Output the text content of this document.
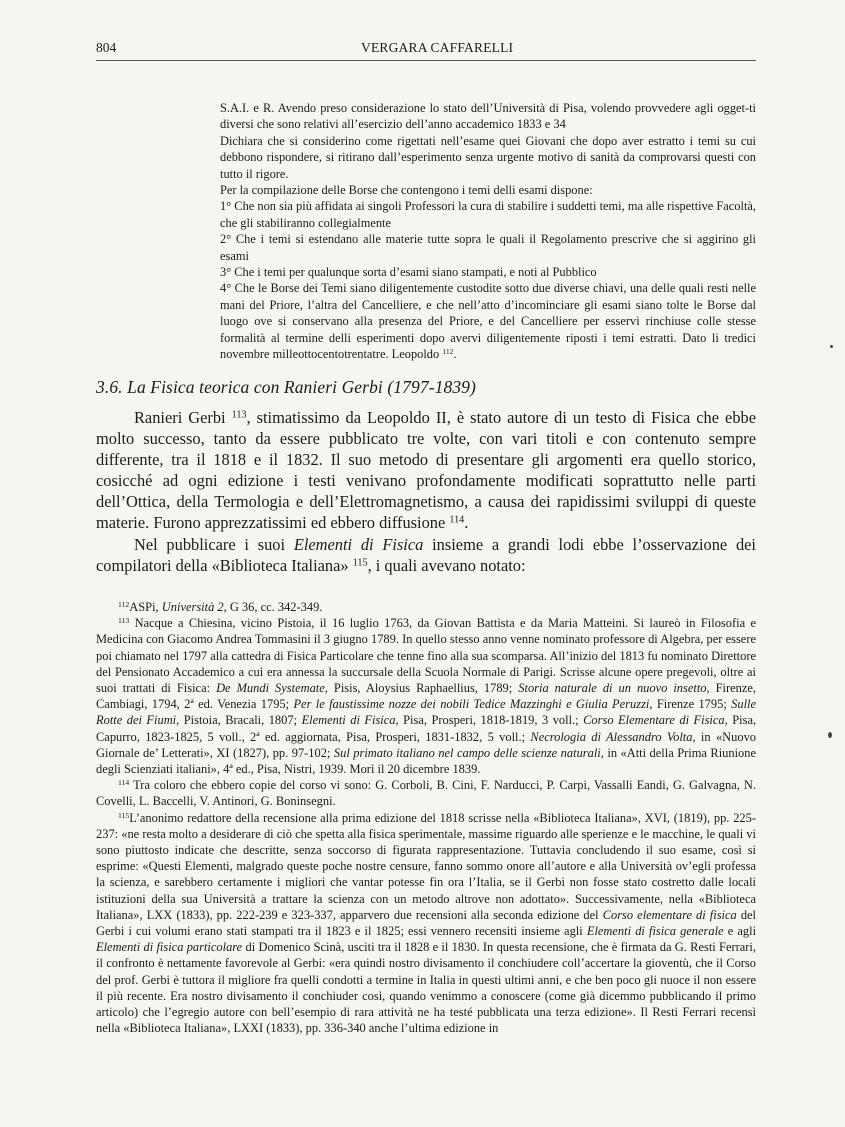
804	VERGARA CAFFARELLI

S.A.I. e R. Avendo preso considerazione lo stato dell’Università di Pisa, volendo provvedere agli ogget-ti diversi che sono relativi all’esercizio dell’anno accademico 1833 e 34

Dichiara che si considerino come rigettati nell’esame quei Giovani che dopo aver estratto i temi su cui debbono rispondere, si ritirano dall’esperimento senza urgente motivo di sanità da comprovarsi questi con tutto il rigore.

Per la compilazione delle Borse che contengono i temi delli esami dispone:

1° Che non sia più affidata ai singoli Professori la cura di stabilire i suddetti temi, ma alle rispettive Facoltà, che gli stabiliranno collegialmente

2° Che i temi si estendano alle materie tutte sopra le quali il Regolamento prescrive che si aggirino gli esami

3° Che i temi per qualunque sorta d’esami siano stampati, e noti al Pubblico

4° Che le Borse dei Temi siano diligentemente custodite sotto due diverse chiavi, una delle quali resti nelle mani del Priore, l’altra del Cancelliere, e che nell’atto d’incominciare gli esami siano tolte le Borse dal luogo ove si conservano alla presenza del Priore, e del Cancelliere per esservi rinchiuse colle stesse formalità al termine delli esperimenti dopo avervi diligentemente riposti i temi estratti. Dato li tredici novembre milleottocentotrentatre. Leopoldo $^{112}$.

3.6. La Fisica teorica con Ranieri Gerbi (1797-1839)

Ranieri Gerbi $^{113}$, stimatissimo da Leopoldo II, è stato autore di un testo di Fisica che ebbe molto successo, tanto da essere pubblicato tre volte, con vari titoli e con contenuto sempre differente, tra il 1818 e il 1832. Il suo metodo di presentare gli argomenti era quello storico, cosicché ad ogni edizione i testi venivano profondamente modificati soprattutto nelle parti dell’Ottica, della Termologia e dell’Elettromagnetismo, a causa dei rapidissimi sviluppi di queste materie. Furono apprezzatissimi ed ebbero diffusione $^{114}$.

Nel pubblicare i suoi Elementi di Fisica insieme a grandi lodi ebbe l’osservazione dei compilatori della «Biblioteca Italiana» $^{115}$, i quali avevano notato:

$^{112}$ASPi, Università 2, G 36, cc. 342-349.

$^{113}$ Nacque a Chiesina, vicino Pistoia, il 16 luglio 1763, da Giovan Battista e da Maria Matteini. Si laureò in Filosofia e Medicina con Giacomo Andrea Tommasini il 3 giugno 1789. In quello stesso anno venne nominato professore di Algebra, per essere poi chiamato nel 1797 alla cattedra di Fisica Particolare che tenne fino alla sua scomparsa. All’inizio del 1813 fu nominato Direttore del Pensionato Accademico a cui era annessa la succursale della Scuola Normale di Parigi. Scrisse alcune opere pregevoli, oltre ai suoi trattati di Fisica: De Mundi Systemate, Pisis, Aloysius Raphaellius, 1789; Storia naturale di un nuovo insetto, Firenze, Cambiagi, 1794, 2ª ed. Venezia 1795; Per le faustissime nozze dei nobili Tedice Mazzinghi e Giulia Peruzzi, Firenze 1795; Sulle Rotte dei Fiumi, Pistoia, Bracali, 1807; Elementi di Fisica, Pisa, Prosperi, 1818-1819, 3 voll.; Corso Elementare di Fisica, Pisa, Capurro, 1823-1825, 5 voll., 2ª ed. aggiornata, Pisa, Prosperi, 1831-1832, 5 voll.; Necrologia di Alessandro Volta, in «Nuovo Giornale de’ Letterati», XI (1827), pp. 97-102; Sul primato italiano nel campo delle scienze naturali, in «Atti della Prima Riunione degli Scienziati italiani», 4ª ed., Pisa, Nistri, 1939. Morì il 20 dicembre 1839.

$^{114}$ Tra coloro che ebbero copie del corso vi sono: G. Corboli, B. Cini, F. Narducci, P. Carpi, Vassalli Eandi, G. Galvagna, N. Covelli, L. Baccelli, V. Antinori, G. Boninsegni.

$^{115}$L’anonimo redattore della recensione alla prima edizione del 1818 scrisse nella «Biblioteca Italiana», XVI, (1819), pp. 225-237: «ne resta molto a desiderare di ciò che spetta alla fisica sperimentale, massime riguardo alle sperienze e le macchine, le quali vi sono piuttosto indicate che descritte, senza soccorso di figurata rappresentazione. Tuttavia concludendo il suo esame, così si esprime: «Questi Elementi, malgrado queste poche nostre censure, fanno sommo onore all’autore e alla Università ov’egli professa la scienza, e sarebbero certamente i migliori che vantar potesse fin ora l’Italia, se il Gerbi non fosse stato costretto dalle locali istituzioni della sua Università a trattare la scienza con un metodo altrove non adottato». Successivamente, nella «Biblioteca Italiana», LXX (1833), pp. 222-239 e 323-337, apparvero due recensioni alla seconda edizione del Corso elementare di fisica del Gerbi i cui volumi erano stati stampati tra il 1823 e il 1825; essi vennero recensiti insieme agli Elementi di fisica generale e agli Elementi di fisica particolare di Domenico Scinà, usciti tra il 1828 e il 1830. In questa recensione, che è firmata da G. Resti Ferrari, il confronto è nettamente favorevole al Gerbi: «era quindi nostro divisamento il conchiudere coll’accertare la gioventù, che il Corso del prof. Gerbi è tuttora il migliore fra quelli condotti a termine in Italia in questi ultimi anni, e che ben poco gli nuoce il non essere il più recente. Era nostro divisamento il conchiuder così, quando venimmo a conoscere (come già dicemmo pubblicando il primo articolo) che l’egregio autore con bell’esempio di rara attività ne ha testé pubblicata una terza edizione». Il Resti Ferrari recensì nella «Biblioteca Italiana», LXXI (1833), pp. 336-340 anche l’ultima edizione in
